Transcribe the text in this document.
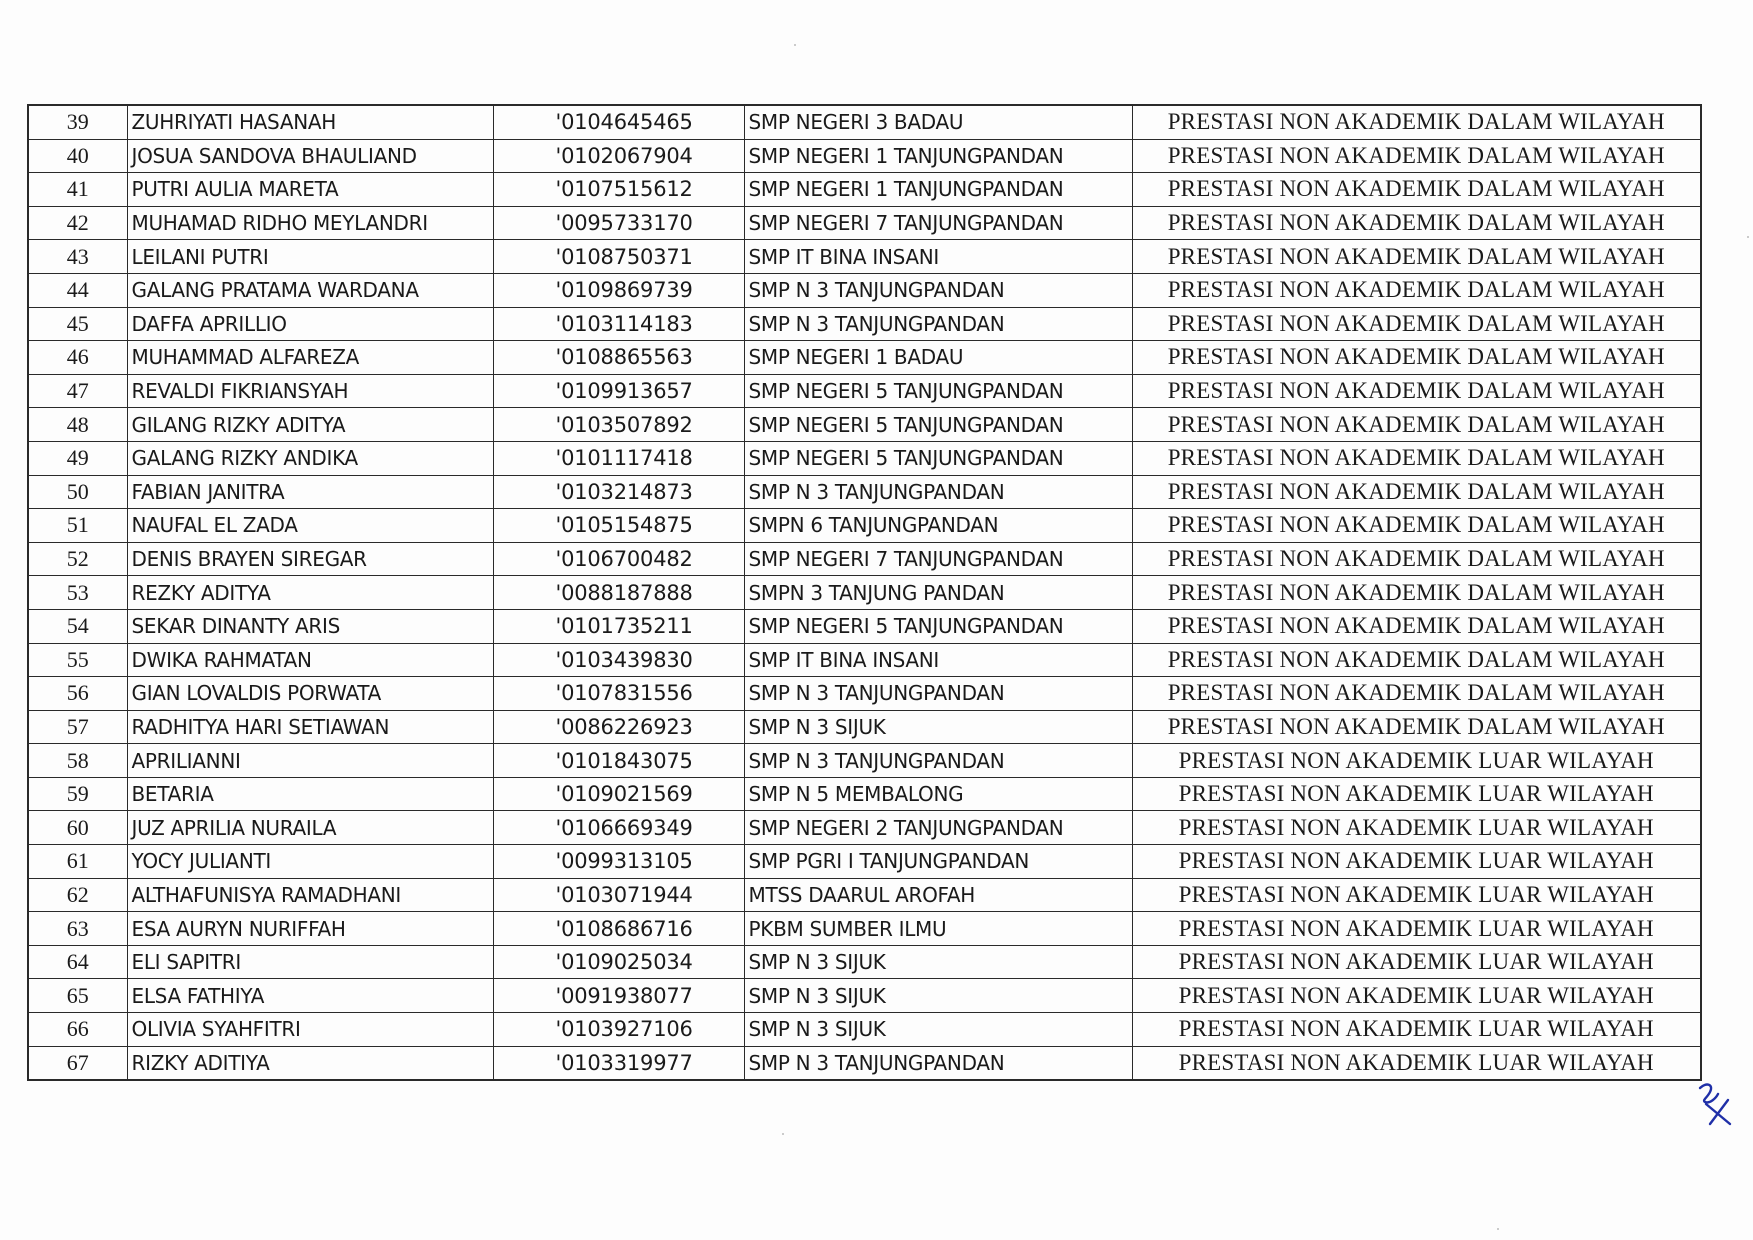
39	ZUHRIYATI HASANAH	'0104645465	SMP NEGERI 3 BADAU	PRESTASI NON AKADEMIK DALAM WILAYAH
40	JOSUA SANDOVA BHAULIAND	'0102067904	SMP NEGERI 1 TANJUNGPANDAN	PRESTASI NON AKADEMIK DALAM WILAYAH
41	PUTRI AULIA MARETA	'0107515612	SMP NEGERI 1 TANJUNGPANDAN	PRESTASI NON AKADEMIK DALAM WILAYAH
42	MUHAMAD RIDHO MEYLANDRI	'0095733170	SMP NEGERI 7 TANJUNGPANDAN	PRESTASI NON AKADEMIK DALAM WILAYAH
43	LEILANI PUTRI	'0108750371	SMP IT BINA INSANI	PRESTASI NON AKADEMIK DALAM WILAYAH
44	GALANG PRATAMA WARDANA	'0109869739	SMP N 3 TANJUNGPANDAN	PRESTASI NON AKADEMIK DALAM WILAYAH
45	DAFFA APRILLIO	'0103114183	SMP N 3 TANJUNGPANDAN	PRESTASI NON AKADEMIK DALAM WILAYAH
46	MUHAMMAD ALFAREZA	'0108865563	SMP NEGERI 1 BADAU	PRESTASI NON AKADEMIK DALAM WILAYAH
47	REVALDI FIKRIANSYAH	'0109913657	SMP NEGERI 5 TANJUNGPANDAN	PRESTASI NON AKADEMIK DALAM WILAYAH
48	GILANG RIZKY ADITYA	'0103507892	SMP NEGERI 5 TANJUNGPANDAN	PRESTASI NON AKADEMIK DALAM WILAYAH
49	GALANG RIZKY ANDIKA	'0101117418	SMP NEGERI 5 TANJUNGPANDAN	PRESTASI NON AKADEMIK DALAM WILAYAH
50	FABIAN JANITRA	'0103214873	SMP N 3 TANJUNGPANDAN	PRESTASI NON AKADEMIK DALAM WILAYAH
51	NAUFAL EL ZADA	'0105154875	SMPN 6 TANJUNGPANDAN	PRESTASI NON AKADEMIK DALAM WILAYAH
52	DENIS BRAYEN SIREGAR	'0106700482	SMP NEGERI 7 TANJUNGPANDAN	PRESTASI NON AKADEMIK DALAM WILAYAH
53	REZKY ADITYA	'0088187888	SMPN 3 TANJUNG PANDAN	PRESTASI NON AKADEMIK DALAM WILAYAH
54	SEKAR DINANTY ARIS	'0101735211	SMP NEGERI 5 TANJUNGPANDAN	PRESTASI NON AKADEMIK DALAM WILAYAH
55	DWIKA RAHMATAN	'0103439830	SMP IT BINA INSANI	PRESTASI NON AKADEMIK DALAM WILAYAH
56	GIAN LOVALDIS PORWATA	'0107831556	SMP N 3 TANJUNGPANDAN	PRESTASI NON AKADEMIK DALAM WILAYAH
57	RADHITYA HARI SETIAWAN	'0086226923	SMP N 3 SIJUK	PRESTASI NON AKADEMIK DALAM WILAYAH
58	APRILIANNI	'0101843075	SMP N 3 TANJUNGPANDAN	PRESTASI NON AKADEMIK LUAR WILAYAH
59	BETARIA	'0109021569	SMP N 5 MEMBALONG	PRESTASI NON AKADEMIK LUAR WILAYAH
60	JUZ APRILIA NURAILA	'0106669349	SMP NEGERI 2 TANJUNGPANDAN	PRESTASI NON AKADEMIK LUAR WILAYAH
61	YOCY JULIANTI	'0099313105	SMP PGRI I TANJUNGPANDAN	PRESTASI NON AKADEMIK LUAR WILAYAH
62	ALTHAFUNISYA RAMADHANI	'0103071944	MTSS DAARUL AROFAH	PRESTASI NON AKADEMIK LUAR WILAYAH
63	ESA AURYN NURIFFAH	'0108686716	PKBM SUMBER ILMU	PRESTASI NON AKADEMIK LUAR WILAYAH
64	ELI SAPITRI	'0109025034	SMP N 3 SIJUK	PRESTASI NON AKADEMIK LUAR WILAYAH
65	ELSA FATHIYA	'0091938077	SMP N 3 SIJUK	PRESTASI NON AKADEMIK LUAR WILAYAH
66	OLIVIA SYAHFITRI	'0103927106	SMP N 3 SIJUK	PRESTASI NON AKADEMIK LUAR WILAYAH
67	RIZKY ADITIYA	'0103319977	SMP N 3 TANJUNGPANDAN	PRESTASI NON AKADEMIK LUAR WILAYAH
